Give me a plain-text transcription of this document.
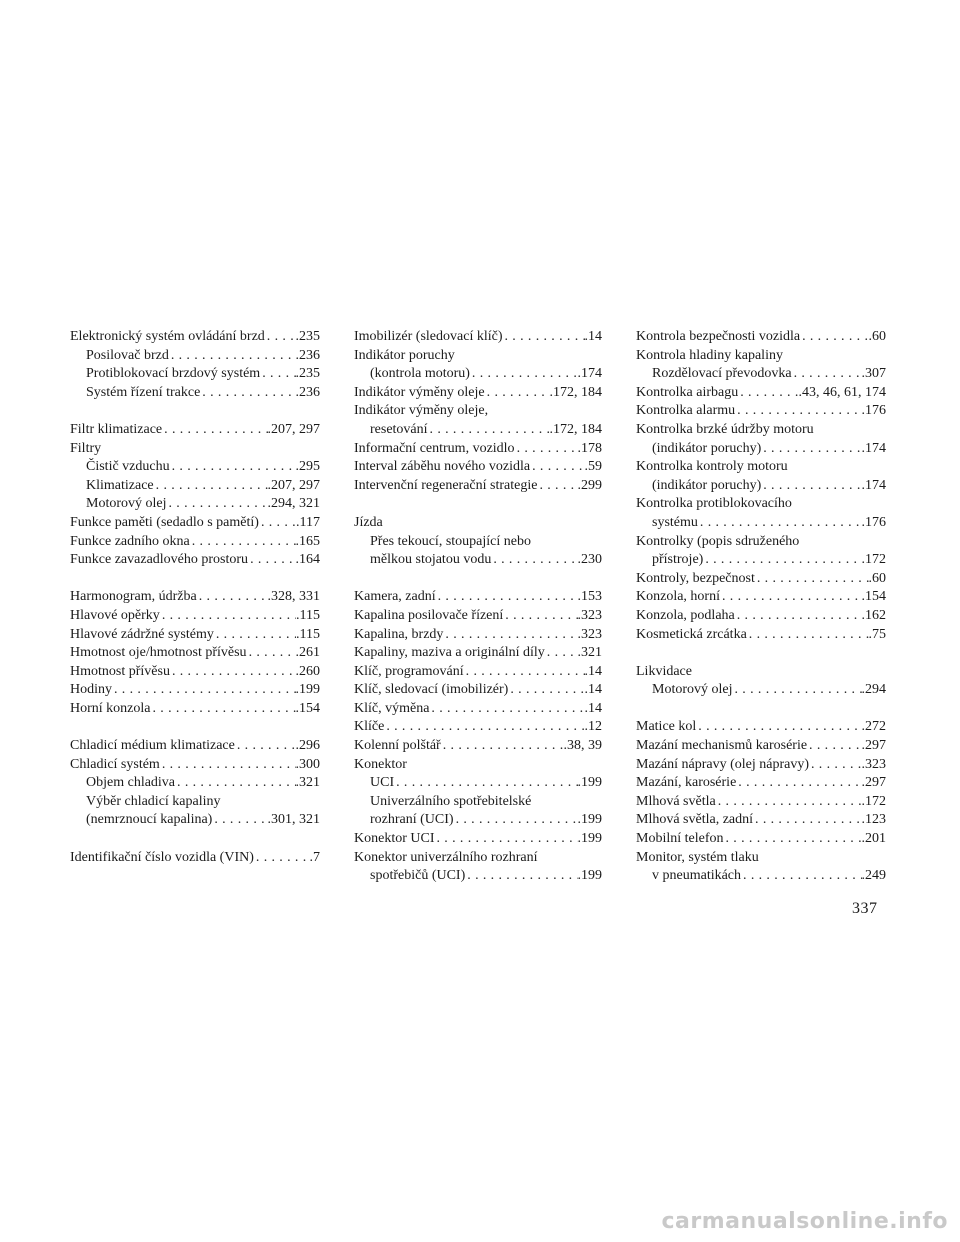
Elektronický systém ovládání brzd . . . .235
Posilovač brzd . . .	.236
Protiblokovací brzdový systém . . .	.235
Systém řízení trakce . . .	.236
Filtr klimatizace . . .	.207, 297
Filtry
Čistič vzduchu . . .	.295
Klimatizace . . .	.207, 297
Motorový olej . . .	.294, 321
Funkce paměti (sedadlo s pamětí) . . .	.117
Funkce zadního okna . . .	.165
Funkce zavazadlového prostoru . . .	.164
Harmonogram, údržba . . .	.328, 331
Hlavové opěrky . . .	.115
Hlavové zádržné systémy . . .	.115
Hmotnost oje/hmotnost přívěsu . . .	.261
Hmotnost přívěsu . . .	.260
Hodiny . . .	.199
Horní konzola . . .	.154
Chladicí médium klimatizace . . .	.296
Chladicí systém . . .	.300
Objem chladiva . . .	.321
Výběr chladicí kapaliny
(nemrznoucí kapalina) . . .	.301, 321
Identifikační číslo vozidla (VIN) . . .	.7
Imobilizér (sledovací klíč) . . .	.14
Indikátor poruchy
(kontrola motoru) . . .	.174
Indikátor výměny oleje . . .	.172, 184
Indikátor výměny oleje,
resetování . . .	.172, 184
Informační centrum, vozidlo . . .	.178
Interval záběhu nového vozidla . . .	.59
Intervenční regenerační strategie . . .	.299
Jízda
Přes tekoucí, stoupající nebo
mělkou stojatou vodu . . .	.230
Kamera, zadní . . .	.153
Kapalina posilovače řízení . . .	.323
Kapalina, brzdy . . .	.323
Kapaliny, maziva a originální díly . . . .321
Klíč, programování . . .	.14
Klíč, sledovací (imobilizér) . . .	.14
Klíč, výměna . . .	.14
Klíče . . .	.12
Kolenní polštář . . .	.38, 39
Konektor
UCI . . .	.199
Univerzálního spotřebitelské
rozhraní (UCI) . . .	.199
Konektor UCI . . .	.199
Konektor univerzálního rozhraní
spotřebičů (UCI) . . .	.199
Kontrola bezpečnosti vozidla . . .	.60
Kontrola hladiny kapaliny
Rozdělovací převodovka . . .	.307
Kontrolka airbagu . . .	.43, 46, 61, 174
Kontrolka alarmu . . .	.176
Kontrolka brzké údržby motoru
(indikátor poruchy) . . .	.174
Kontrolka kontroly motoru
(indikátor poruchy) . . .	.174
Kontrolka protiblokovacího
systému . . .	.176
Kontrolky (popis sdruženého
přístroje) . . .	.172
Kontroly, bezpečnost . . .	.60
Konzola, horní . . .	.154
Konzola, podlaha . . .	.162
Kosmetická zrcátka . . .	.75
Likvidace
Motorový olej . . .	.294
Matice kol . . .	.272
Mazání mechanismů karosérie . . .	.297
Mazání nápravy (olej nápravy) . . .	.323
Mazání, karosérie . . .	.297
Mlhová světla . . .	.172
Mlhová světla, zadní . . .	.123
Mobilní telefon . . .	.201
Monitor, systém tlaku
v pneumatikách . . .	.249
337
carmanualsonline.info
